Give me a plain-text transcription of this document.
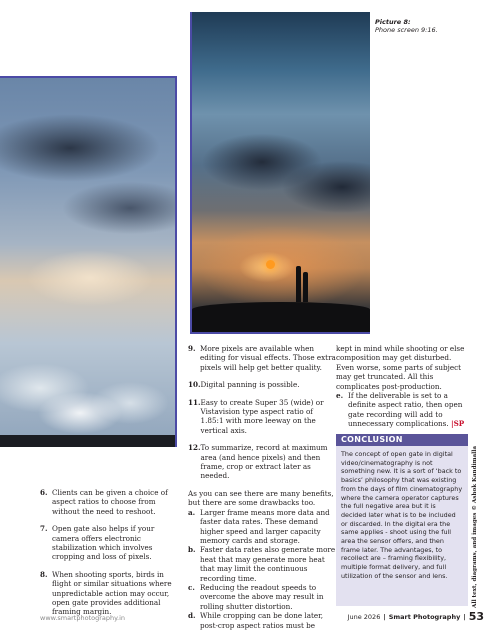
Picture 8:
Phone screen 9:16.
6. Clients can be given a choice of aspect ratios to choose from without the need to reshoot.
7. Open gate also helps if your camera offers electronic stabilization which involves cropping and loss of pixels.
8. When shooting sports, birds in flight or similar situations where unpredictable action may occur, open gate provides additional framing margin.
9. More pixels are available when editing for visual effects. Those extra pixels will help get better quality.
10. Digital panning is possible.
11. Easy to create Super 35 (wide) or Vistavision type aspect ratio of 1.85:1 with more leeway on the vertical axis.
12. To summarize, record at maximum area (and hence pixels) and then frame, crop or extract later as needed.
As you can see there are many benefits, but there are some drawbacks too.
a. Larger frame means more data and faster data rates. These demand higher speed and larger capacity memory cards and storage.
b. Faster data rates also generate more heat that may generate more heat that may limit the continuous recording time.
c. Reducing the readout speeds to overcome the above may result in rolling shutter distortion.
d. While cropping can be done later, post-crop aspect ratios must be
kept in mind while shooting or else composition may get disturbed. Even worse, some parts of subject may get truncated. All this complicates post-production.
e. If the deliverable is set to a definite aspect ratio, then open gate recording will add to unnecessary complications. |SP
CONCLUSION
The concept of open gate in digital video/cinematography is not something new. It is a sort of ‘back to basics’ philosophy that was existing from the days of film cinematography where the camera operator captures the full negative area but it is decided later what is to be included or discarded. In the digital era the same applies - shoot using the full area the sensor offers, and then frame later. The advantages, to recollect are – framing flexibility, multiple format delivery, and full utilization of the sensor and lens.	All text, diagrams, and images © Ashok Kandimalla
www.smartphotography.in	June 2026 | Smart Photography | 53
